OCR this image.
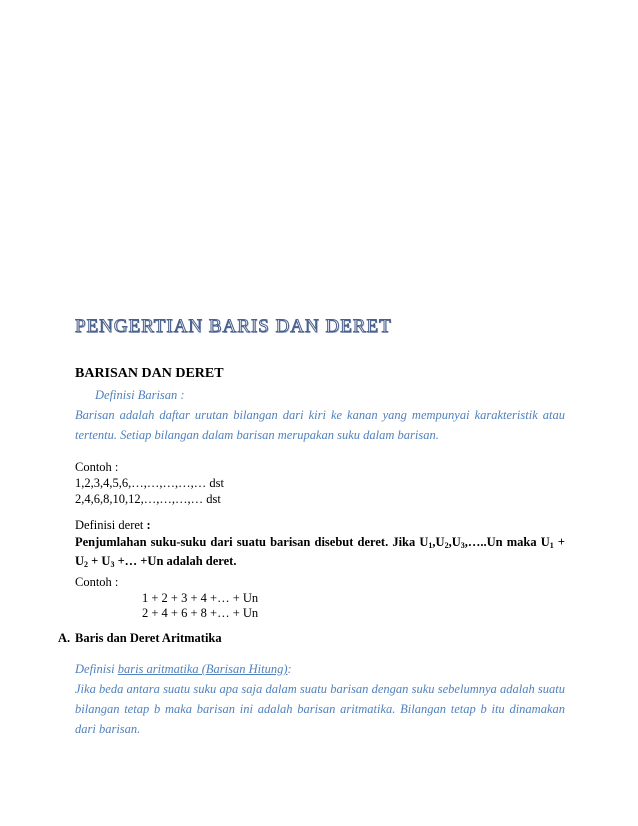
PENGERTIAN BARIS DAN DERET
BARISAN DAN DERET
Definisi Barisan :
Barisan adalah daftar urutan bilangan dari kiri ke kanan yang mempunyai karakteristik atau
tertentu. Setiap bilangan dalam barisan merupakan suku dalam barisan.
Contoh :
1,2,3,4,5,6,…,…,…,…,… dst
2,4,6,8,10,12,…,…,…,… dst
Definisi deret :
Penjumlahan suku-suku dari suatu barisan disebut deret. Jika $U_1,U_2,U_3,\dots..Un$ maka $U_1$ +
$U_2 + U_3$ +… +Un adalah deret.
Contoh :
1 + 2 + 3 + 4 +… + Un
2 + 4 + 6 + 8 +… + Un
A. Baris dan Deret Aritmatika
Definisi baris aritmatika (Barisan Hitung):
Jika beda antara suatu suku apa saja dalam suatu barisan dengan suku sebelumnya adalah suatu
bilangan tetap b maka barisan ini adalah barisan aritmatika. Bilangan tetap b itu dinamakan
dari barisan.
